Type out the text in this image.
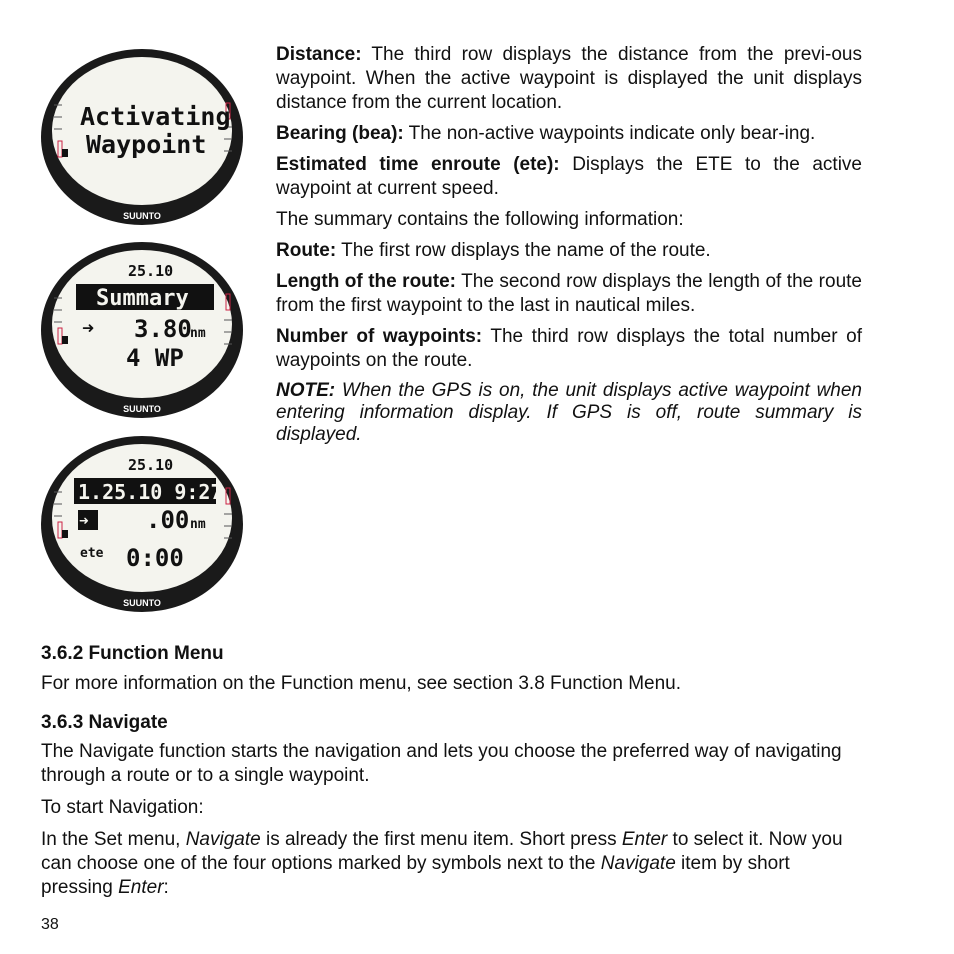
Activating
Waypoint
SUUNTO
25.10
Summary
➜ 3.80
nm
4 WP
SUUNTO
25.10
1.25.10 9:27
➜ .00 nm
ete 0:00
SUUNTO

Distance: The third row displays the distance from the previ-ous waypoint. When the active waypoint is displayed the unit displays distance from the current location.

Bearing (bea): The non-active waypoints indicate only bear-ing.

Estimated time enroute (ete): Displays the ETE to the active waypoint at current speed.

The summary contains the following information:

Route: The first row displays the name of the route.

Length of the route: The second row displays the length of the route from the first waypoint to the last in nautical miles.

Number of waypoints: The third row displays the total number of waypoints on the route.

NOTE: When the GPS is on, the unit displays active waypoint when entering information display. If GPS is off, route summary is displayed.

3.6.2 Function Menu

For more information on the Function menu, see section 3.8 Function Menu.

3.6.3 Navigate

The Navigate function starts the navigation and lets you choose the preferred way of navigating through a route or to a single waypoint.

To start Navigation:

In the Set menu, Navigate is already the first menu item. Short press Enter to select it. Now you can choose one of the four options marked by symbols next to the Navigate item by short pressing Enter:

38
